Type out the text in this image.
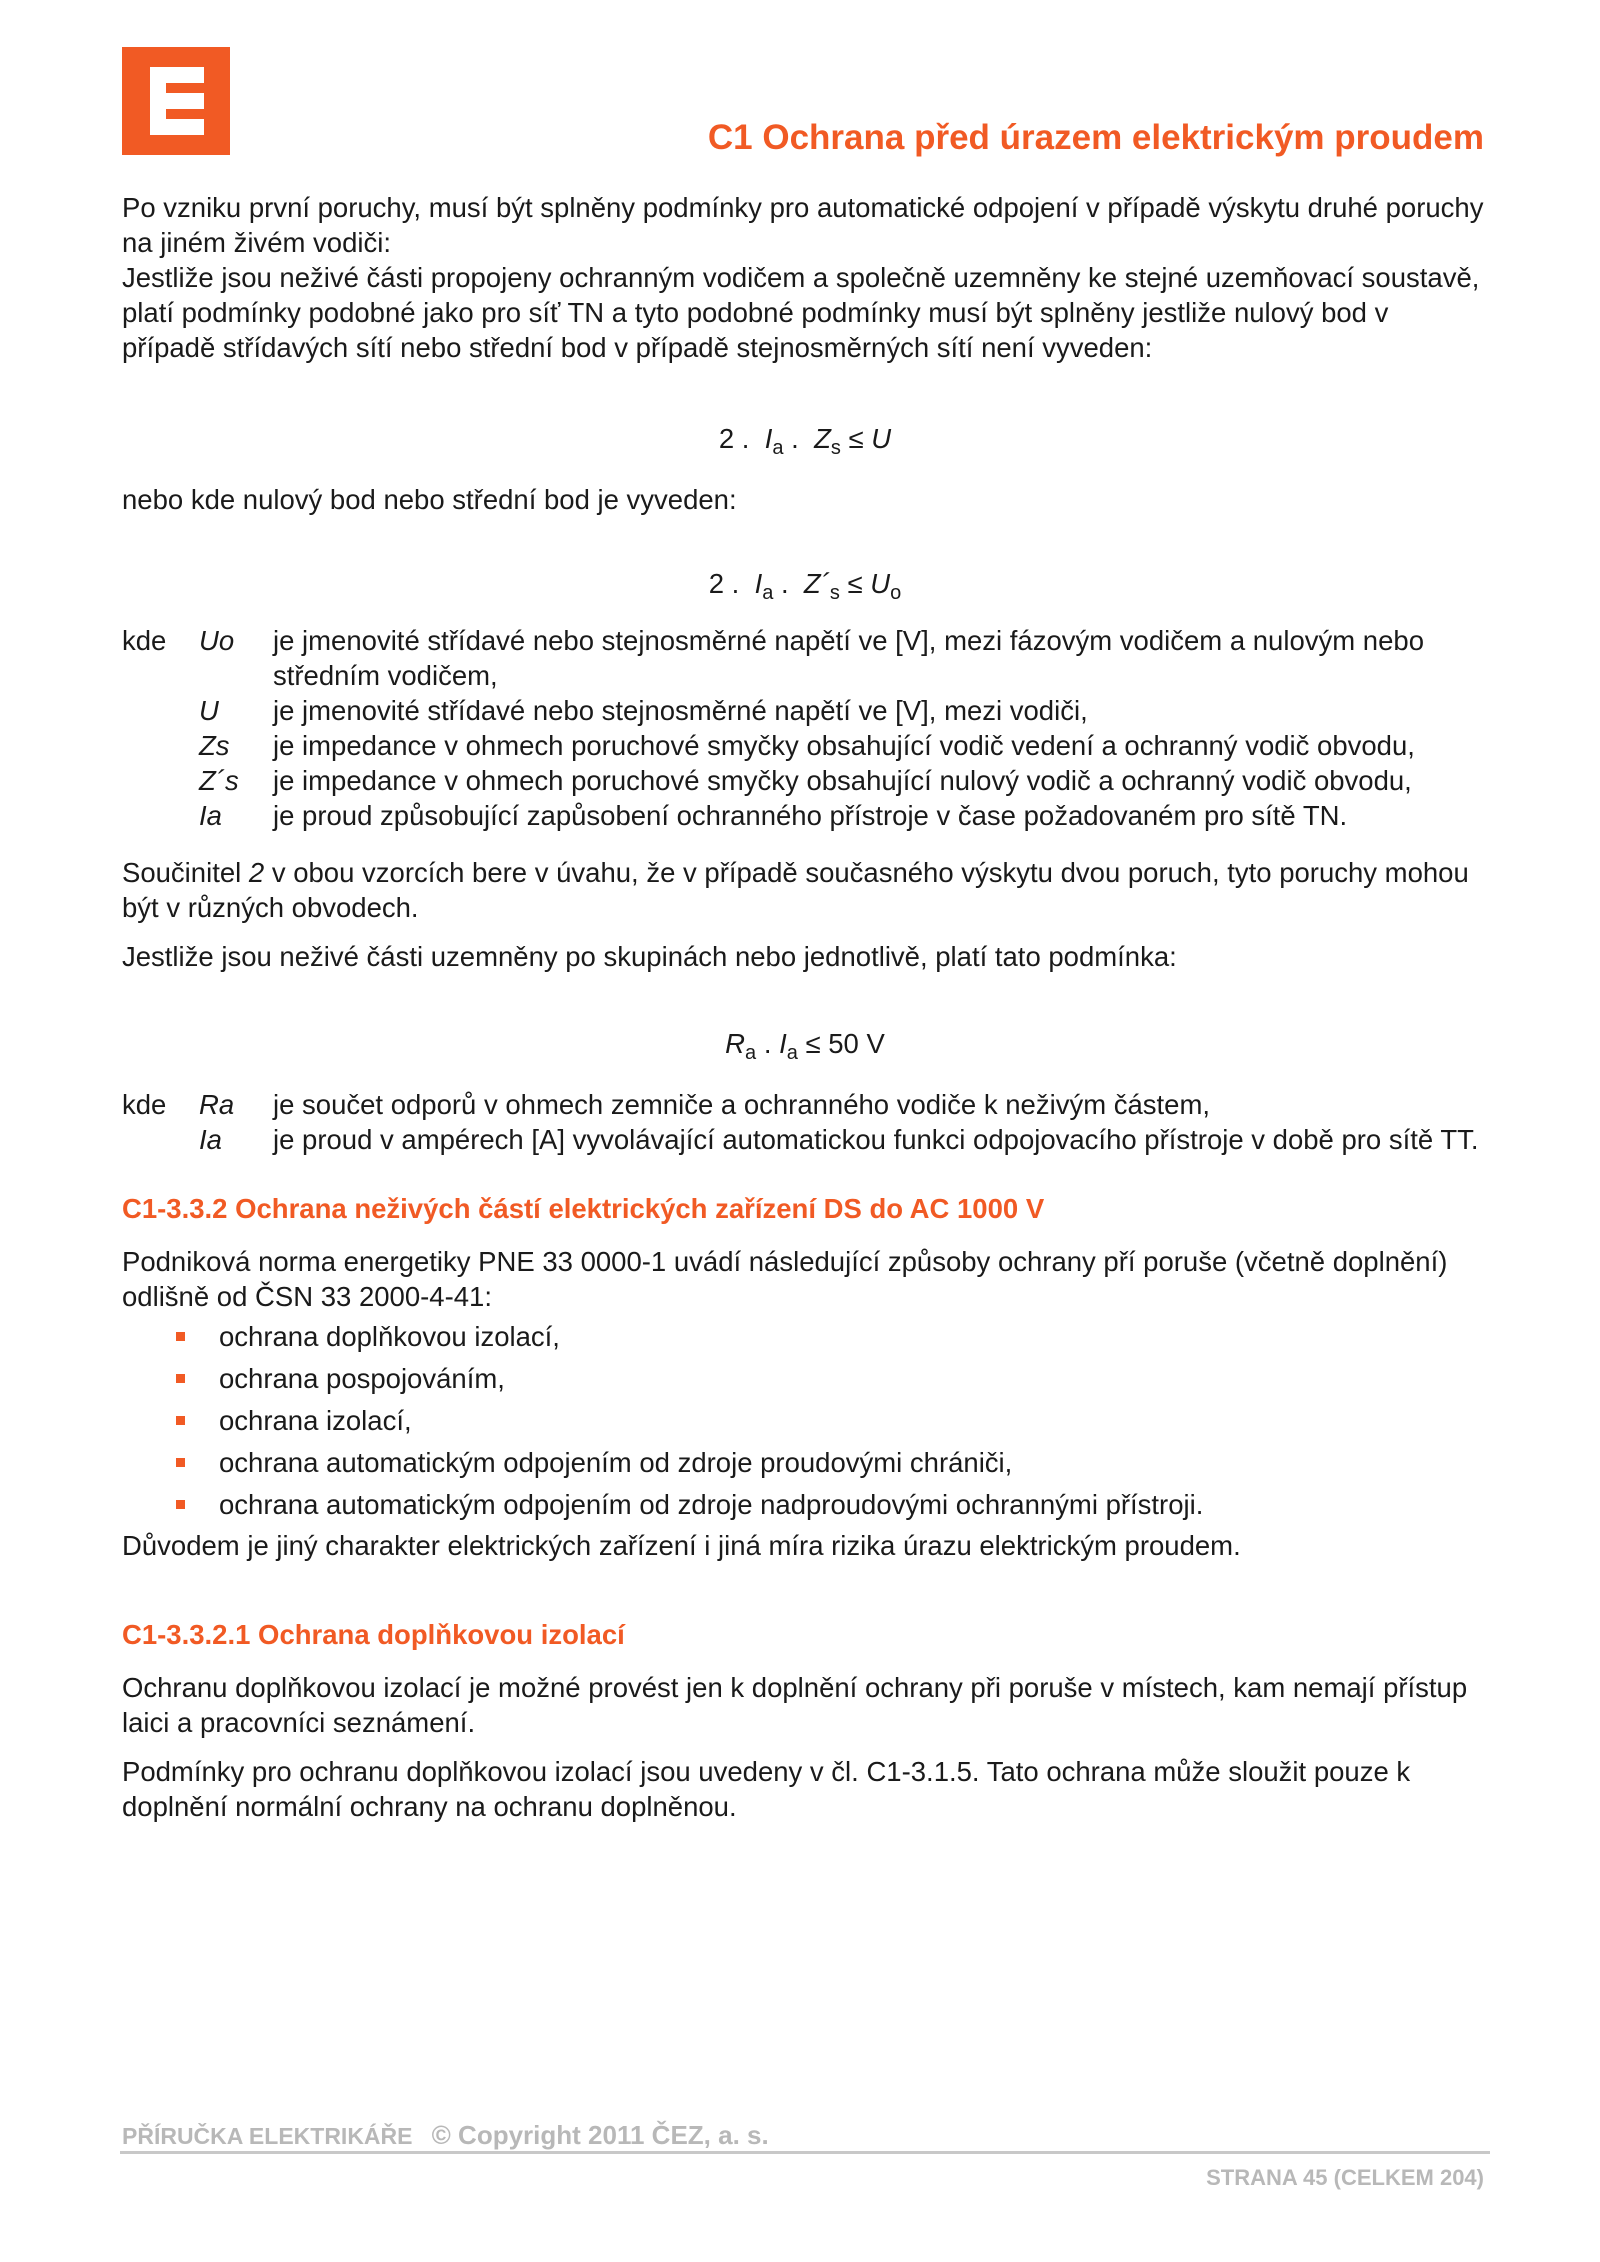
C1 Ochrana před úrazem elektrickým proudem

Po vzniku první poruchy, musí být splněny podmínky pro automatické odpojení v případě výskytu druhé poruchy na jiném živém vodiči:

Jestliže jsou neživé části propojeny ochranným vodičem a společně uzemněny ke stejné uzemňovací soustavě, platí podmínky podobné jako pro síť TN a tyto podobné podmínky musí být splněny jestliže nulový bod v případě střídavých sítí nebo střední bod v případě stejnosměrných sítí není vyveden:

2 . $I_a$ . $Z_s \le U$

nebo kde nulový bod nebo střední bod je vyveden:

2 . $I_a$ . $Z´_s \le U_o$

kde	Uo	je jmenovité střídavé nebo stejnosměrné napětí ve [V], mezi fázovým vodičem a nulovým nebo středním vodičem,
U	je jmenovité střídavé nebo stejnosměrné napětí ve [V], mezi vodiči,
Zs	je impedance v ohmech poruchové smyčky obsahující vodič vedení a ochranný vodič obvodu,
Z´s	je impedance v ohmech poruchové smyčky obsahující nulový vodič a ochranný vodič obvodu,
Ia	je proud způsobující zapůsobení ochranného přístroje v čase požadovaném pro sítě TN.

Součinitel 2 v obou vzorcích bere v úvahu, že v případě současného výskytu dvou poruch, tyto poruchy mohou být v různých obvodech.

Jestliže jsou neživé části uzemněny po skupinách nebo jednotlivě, platí tato podmínka:

$R_a$ . $I_a \le 50$ V

kde	Ra	je součet odporů v ohmech zemniče a ochranného vodiče k neživým částem,
Ia	je proud v ampérech [A] vyvolávající automatickou funkci odpojovacího přístroje v době pro sítě TT.

C1-3.3.2 Ochrana neživých částí elektrických zařízení DS do AC 1000 V

Podniková norma energetiky PNE 33 0000-1 uvádí následující způsoby ochrany pří poruše (včetně doplnění) odlišně od ČSN 33 2000-4-41:

ochrana doplňkovou izolací,
ochrana pospojováním,
ochrana izolací,
ochrana automatickým odpojením od zdroje proudovými chrániči,
ochrana automatickým odpojením od zdroje nadproudovými ochrannými přístroji.

Důvodem je jiný charakter elektrických zařízení i jiná míra rizika úrazu elektrickým proudem.

C1-3.3.2.1 Ochrana doplňkovou izolací

Ochranu doplňkovou izolací je možné provést jen k doplnění ochrany při poruše v místech, kam nemají přístup laici a pracovníci seznámení.

Podmínky pro ochranu doplňkovou izolací jsou uvedeny v čl. C1-3.1.5. Tato ochrana může sloužit pouze k doplnění normální ochrany na ochranu doplněnou.

PŘÍRUČKA ELEKTRIKÁŘE © Copyright 2011 ČEZ, a. s.
STRANA 45 (CELKEM 204)
